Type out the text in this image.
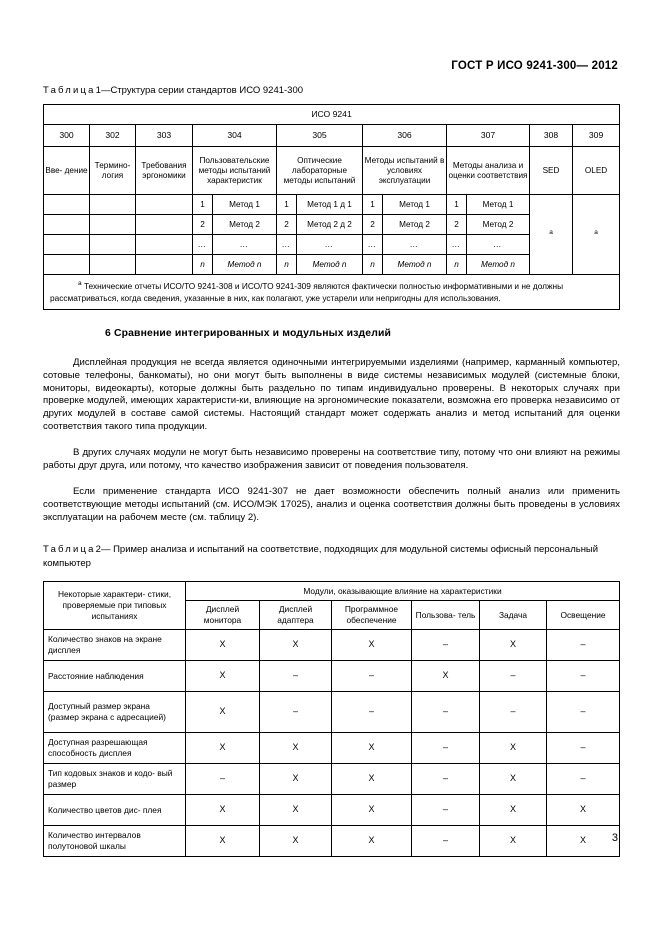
ГОСТ Р ИСО 9241-300— 2012
Таблица1—Структура серии стандартов ИСО 9241-300
ИСО 9241												
300	302	303	304		305		306		307		308	309
Вве- дение	Термино- логия	Требования эргономики	Пользовательские методы испытаний характеристик		Оптические лабораторные методы испытаний		Методы испытаний в условиях эксплуатации		Методы анализа и оценки соответствия		SED	OLED
			1	Метод 1	1	Метод 1 д 1	1	Метод 1	1	Метод 1	$^a$	$^a$
			2	Метод 2	2	Метод 2 д 2	2	Метод 2	2	Метод 2		
			…	…	…	…	…	…	…	…		
			n	Метод n	n	Метод n	n	Метод n	n	Метод n		
$^a$ Технические отчеты ИСО/ТО 9241-308 и ИСО/ТО 9241-309 являются фактически полностью информативными и не должны рассматриваться, когда сведения, указанные в них, как полагают, уже устарели или непригодны для использования.												
6 Сравнение интегрированных и модульных изделий

Дисплейная продукция не всегда является одиночными интегрируемыми изделиями (например, карманный компьютер, сотовые телефоны, банкоматы), но они могут быть выполнены в виде системы независимых модулей (системные блоки, мониторы, видеокарты), которые должны быть раздельно по типам индивидуально проверены. В некоторых случаях при проверке модулей, имеющих характеристи-ки, влияющие на эргономические показатели, возможна его проверка независимо от других модулей в составе самой системы. Настоящий стандарт может содержать анализ и метод испытаний для оценки соответствия такого типа продукции.

В других случаях модули не могут быть независимо проверены на соответствие типу, потому что они влияют на режимы работы друг друга, или потому, что качество изображения зависит от поведения пользователя.

Если применение стандарта ИСО 9241-307 не дает возможности обеспечить полный анализ или применить соответствующие методы испытаний (см. ИСО/МЭК 17025), анализ и оценка соответствия должны быть проведены в условиях эксплуатации на рабочем месте (см. таблицу 2).

Таблица2— Пример анализа и испытаний на соответствие, подходящих для модульной системы офисный персональный компьютер
Некоторые характери- стики, проверяемые при типовых испытаниях	Модули, оказывающие влияние на характеристики					
	Дисплей монитора	Дисплей адаптера	Программное обеспечение	Пользова- тель	Задача	Освещение
Количество знаков на экране дисплея	X	X	X	–	X	–
Расстояние наблюдения	X	–	–	X	–	–
Доступный размер экрана (размер экрана с адресацией)	X	–	–	–	–	–
Доступная разрешающая способность дисплея	X	X	X	–	X	–
Тип кодовых знаков и кодо- вый размер	–	X	X	–	X	–
Количество цветов дис- плея	X	X	X	–	X	X
Количество интервалов полутоновой шкалы	X	X	X	–	X	X 3
